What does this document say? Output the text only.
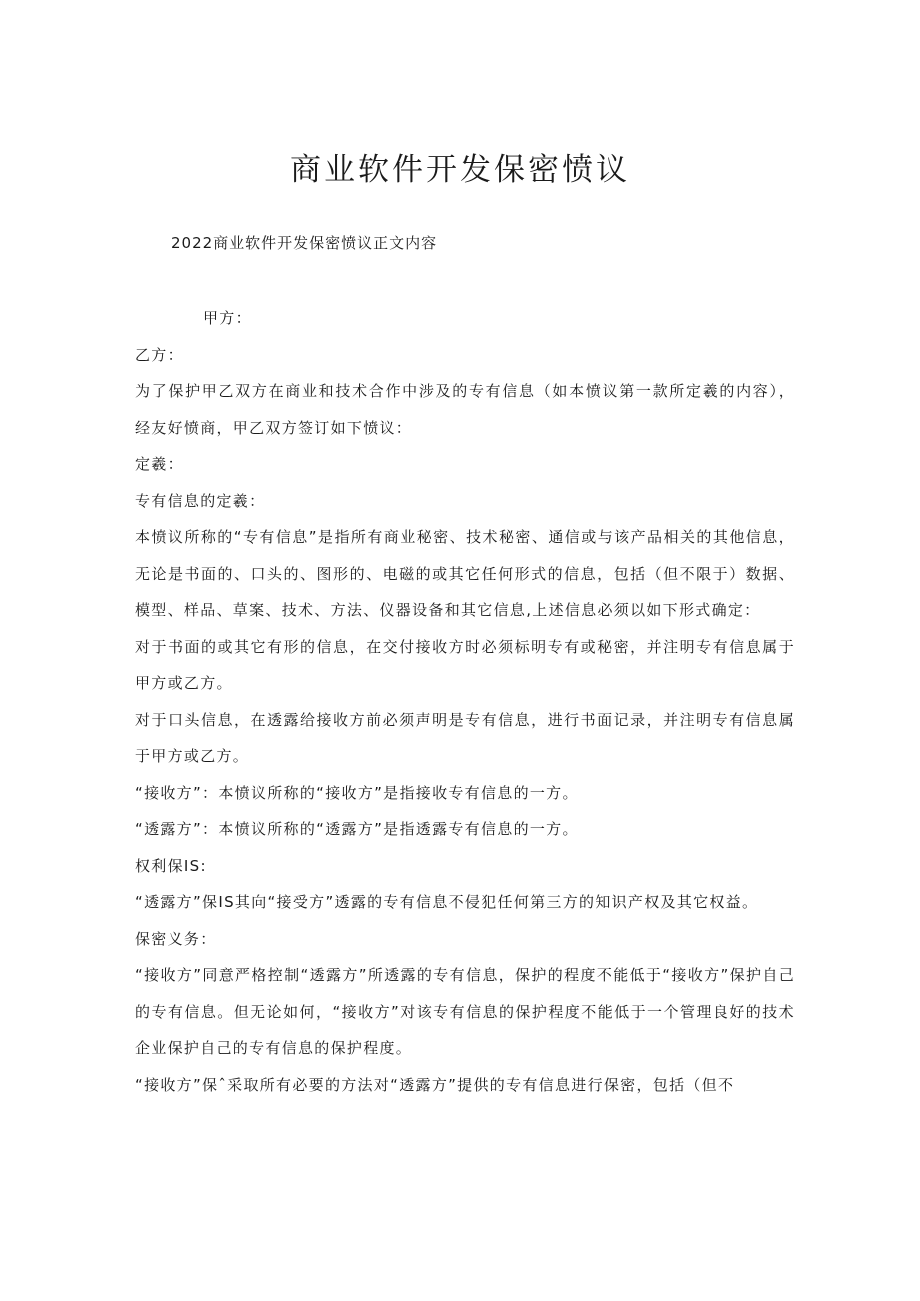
商业软件开发保密愤议
2022商业软件开发保密愤议正文内容

甲方：

乙方：

为了保护甲乙双方在商业和技术合作中涉及的专有信息（如本愤议第一款所定羲的内容），经友好愤商，甲乙双方签订如下愤议：

定羲：

专有信息的定羲：

本愤议所称的“专有信息”是指所有商业秘密、技术秘密、通信或与该产品相关的其他信息，无论是书面的、口头的、图形的、电磁的或其它任何形式的信息，包括（但不限于）数据、模型、样品、草案、技术、方法、仪器设备和其它信息,上述信息必须以如下形式确定：

对于书面的或其它有形的信息，在交付接收方时必须标明专有或秘密，并注明专有信息属于甲方或乙方。

对于口头信息，在透露给接收方前必须声明是专有信息，进行书面记录，并注明专有信息属于甲方或乙方。

“接收方”：本愤议所称的“接收方”是指接收专有信息的一方。

“透露方”：本愤议所称的“透露方”是指透露专有信息的一方。

权利保IS:

“透露方”保IS其向“接受方”透露的专有信息不侵犯任何第三方的知识产权及其它权益。

保密义务：

“接收方”同意严格控制“透露方”所透露的专有信息，保护的程度不能低于“接收方”保护自己的专有信息。但无论如何，“接收方”对该专有信息的保护程度不能低于一个管理良好的技术企业保护自己的专有信息的保护程度。

“接收方”保ˆ采取所有必要的方法对“透露方”提供的专有信息进行保密，包括（但不
